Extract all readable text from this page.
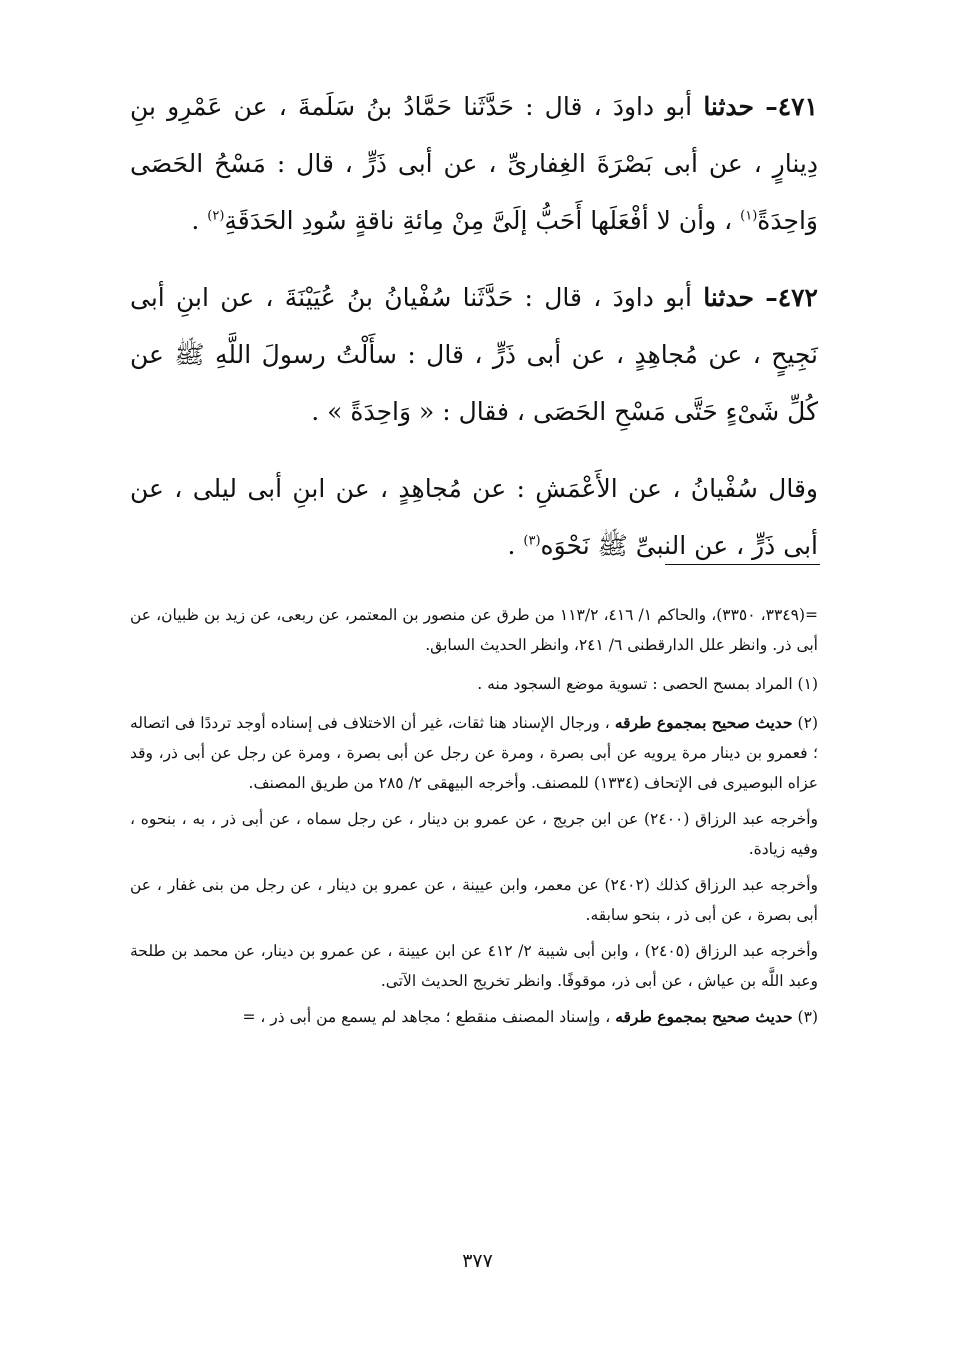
٤٧١– حدثنا أبو داودَ ، قال : حَدَّثَنا حَمَّادُ بنُ سَلَمةَ ، عن عَمْرِو بنِ دِينارٍ ، عن أبى بَصْرَةَ الغِفارىِّ ، عن أبى ذَرٍّ ، قال : مَسْحُ الحَصَى وَاحِدَةً$^{(١)}$ ، وأن لا أفْعَلَها أَحَبُّ إلَىَّ مِنْ مِائةِ ناقةٍ سُودِ الحَدَقَةِ$^{(٢)}$ .

٤٧٢– حدثنا أبو داودَ ، قال : حَدَّثَنا سُفْيانُ بنُ عُيَيْنَةَ ، عن ابنِ أبى نَجِيحٍ ، عن مُجاهِدٍ ، عن أبى ذَرٍّ ، قال : سأَلْتُ رسولَ اللَّهِ ﷺ عن كُلِّ شَىْءٍ حَتَّى مَسْحِ الحَصَى ، فقال : « وَاحِدَةً » .

وقال سُفْيانُ ، عن الأَعْمَشِ : عن مُجاهِدٍ ، عن ابنِ أبى ليلى ، عن أبى ذَرٍّ ، عن النبىِّ ﷺ نَحْوَه$^{(٣)}$ .

=(٣٣٤٩، ٣٣٥٠)، والحاكم ١/ ٤١٦، ١١٣/٢ من طرق عن منصور بن المعتمر، عن ربعى، عن زيد بن ظبيان، عن أبى ذر. وانظر علل الدارقطنى ٦/ ٢٤١، وانظر الحديث السابق.

(١) المراد بمسح الحصى : تسوية موضع السجود منه .

(٢) حديث صحيح بمجموع طرقه ، ورجال الإسناد هنا ثقات، غير أن الاختلاف فى إسناده أوجد ترددًا فى اتصاله ؛ فعمرو بن دينار مرة يرويه عن أبى بصرة ، ومرة عن رجل عن أبى بصرة ، ومرة عن رجل عن أبى ذر، وقد عزاه البوصيرى فى الإتحاف (١٣٣٤) للمصنف. وأخرجه البيهقى ٢/ ٢٨٥ من طريق المصنف.

وأخرجه عبد الرزاق (٢٤٠٠) عن ابن جريج ، عن عمرو بن دينار ، عن رجل سماه ، عن أبى ذر ، به ، بنحوه ، وفيه زيادة.

وأخرجه عبد الرزاق كذلك (٢٤٠٢) عن معمر، وابن عيينة ، عن عمرو بن دينار ، عن رجل من بنى غفار ، عن أبى بصرة ، عن أبى ذر ، بنحو سابقه.

وأخرجه عبد الرزاق (٢٤٠٥) ، وابن أبى شيبة ٢/ ٤١٢ عن ابن عيينة ، عن عمرو بن دينار، عن محمد بن طلحة وعبد اللَّه بن عياش ، عن أبى ذر، موقوفًا. وانظر تخريج الحديث الآتى.

(٣) حديث صحيح بمجموع طرقه ، وإسناد المصنف منقطع ؛ مجاهد لم يسمع من أبى ذر ، =

٣٧٧
